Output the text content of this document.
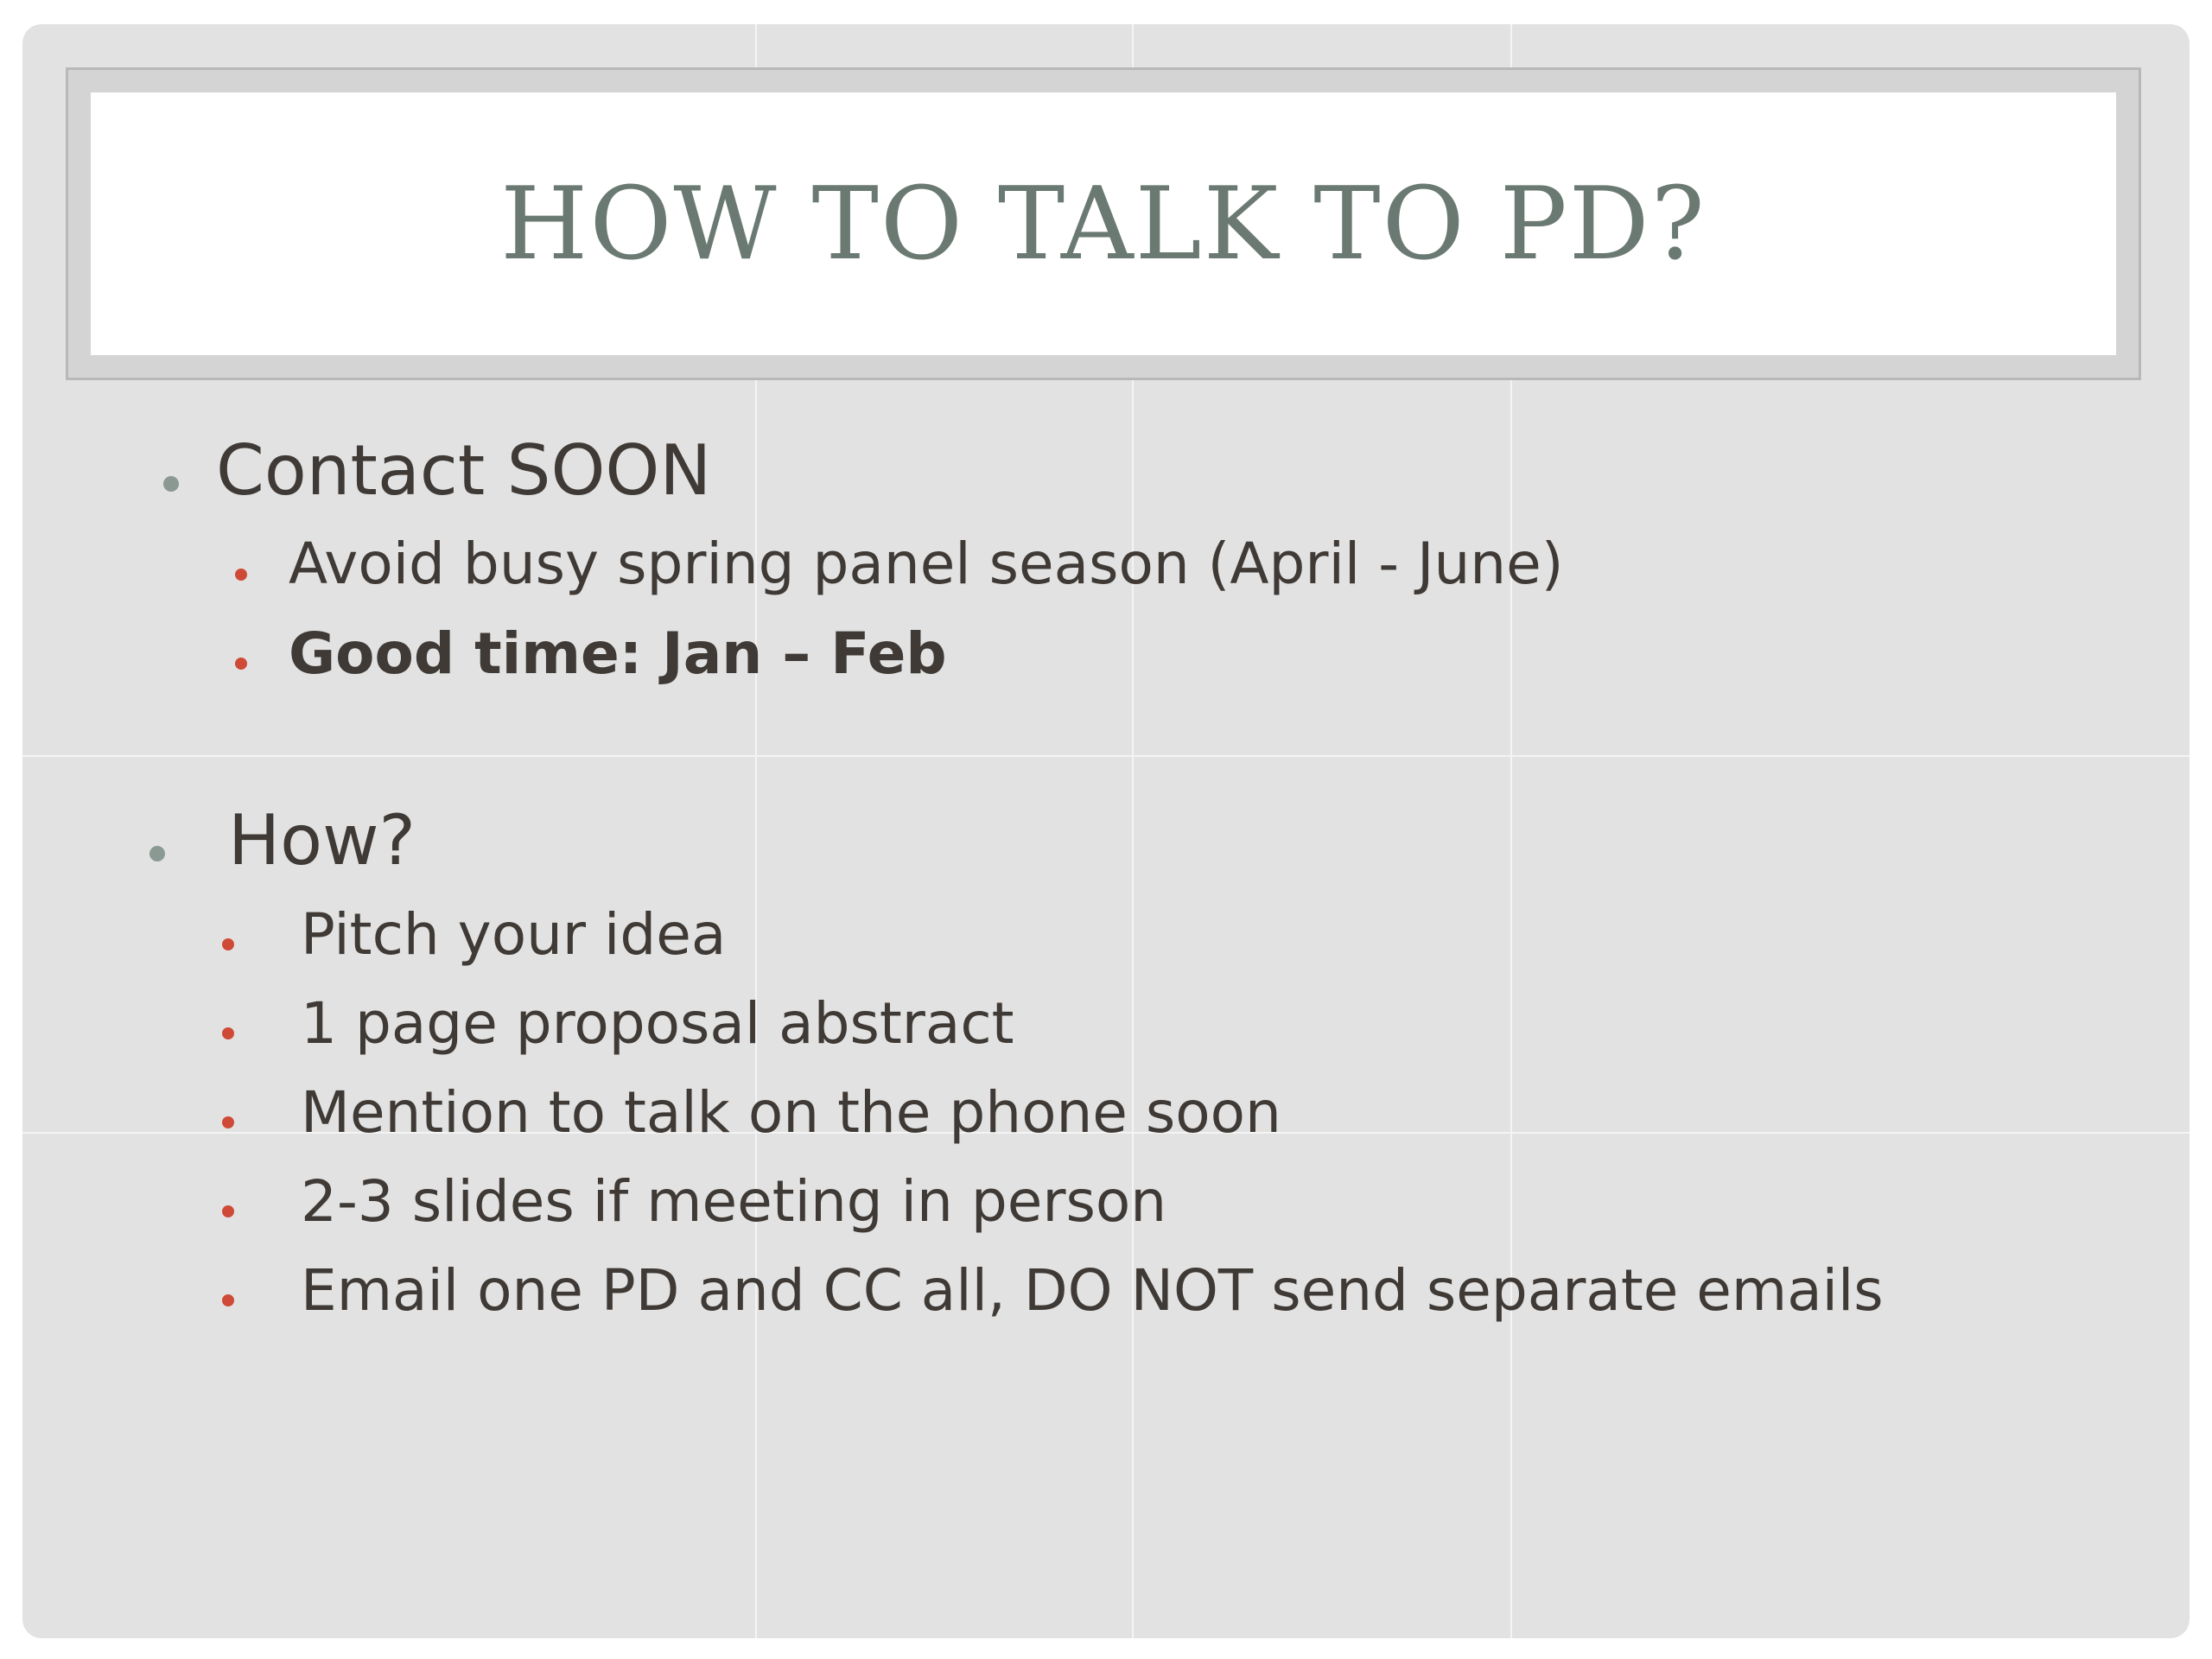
HOW TO TALK TO PD?
Contact SOON
Avoid busy spring panel season (April - June)
Good time: Jan – Feb
How?
Pitch your idea
1 page proposal abstract
Mention to talk on the phone soon
2-3 slides if meeting in person
Email one PD and CC all, DO NOT send separate emails
